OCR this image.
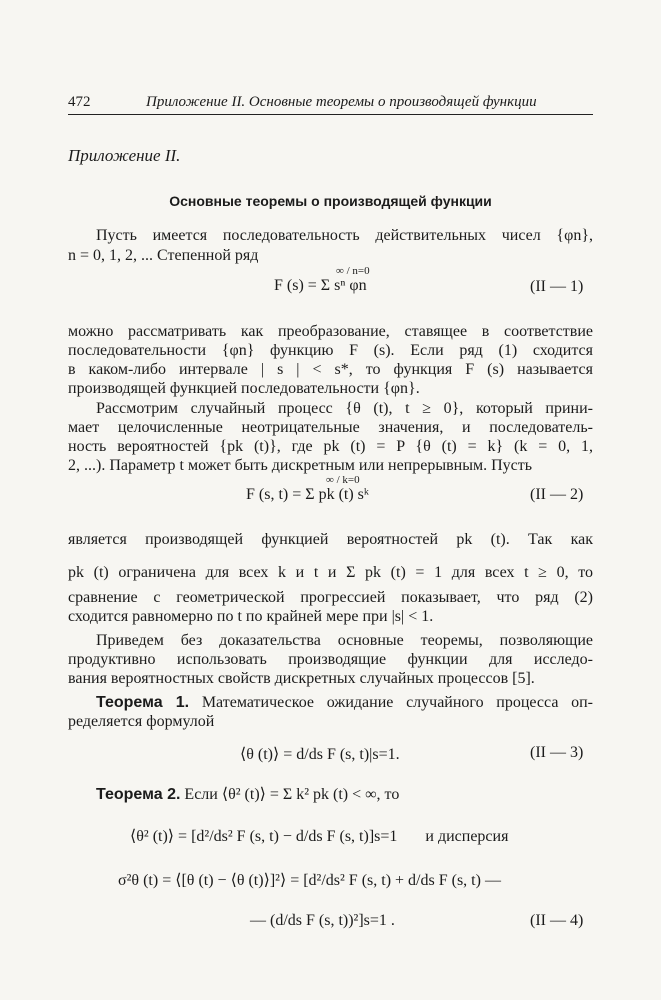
472	Приложение II. Основные теоремы о производящей функции
Приложение II.
Основные теоремы о производящей функции
Пусть имеется последовательность действительных чисел {φn},
n = 0, 1, 2, ... Степенной ряд
F (s) = Σ sⁿ φn
∞ / n=0
(II — 1)
можно рассматривать как преобразование, ставящее в соответствие
последовательности {φn} функцию F (s). Если ряд (1) сходится
в каком-либо интервале | s | < s*, то функция F (s) называется
производящей функцией последовательности {φn}.
Рассмотрим случайный процесс {θ (t), t ≥ 0}, который прини-
мает целочисленные неотрицательные значения, и последователь-
ность вероятностей {pk (t)}, где pk (t) = P {θ (t) = k} (k = 0, 1,
2, ...). Параметр t может быть дискретным или непрерывным. Пусть
F (s, t) = Σ pk (t) sᵏ
∞ / k=0
(II — 2)
является производящей функцией вероятностей pk (t). Так как
pk (t) ограничена для всех k и t и Σ pk (t) = 1 для всех t ≥ 0, то
сравнение с геометрической прогрессией показывает, что ряд (2)
сходится равномерно по t по крайней мере при |s| < 1.
Приведем без доказательства основные теоремы, позволяющие
продуктивно использовать производящие функции для исследо-
вания вероятностных свойств дискретных случайных процессов [5].
Теорема 1. Математическое ожидание случайного процесса оп-
ределяется формулой
⟨θ (t)⟩ = d/ds F (s, t)|s=1.	(II — 3)
Теорема 2. Если ⟨θ² (t)⟩ = Σ k² pk (t) < ∞, то
⟨θ² (t)⟩ = [d²/ds² F (s, t) − d/ds F (s, t)]s=1 и дисперсия
σ²θ (t) = ⟨[θ (t) − ⟨θ (t)⟩]²⟩ = [d²/ds² F (s, t) + d/ds F (s, t) —
— (d/ds F (s, t))²]s=1 .	(II — 4)
